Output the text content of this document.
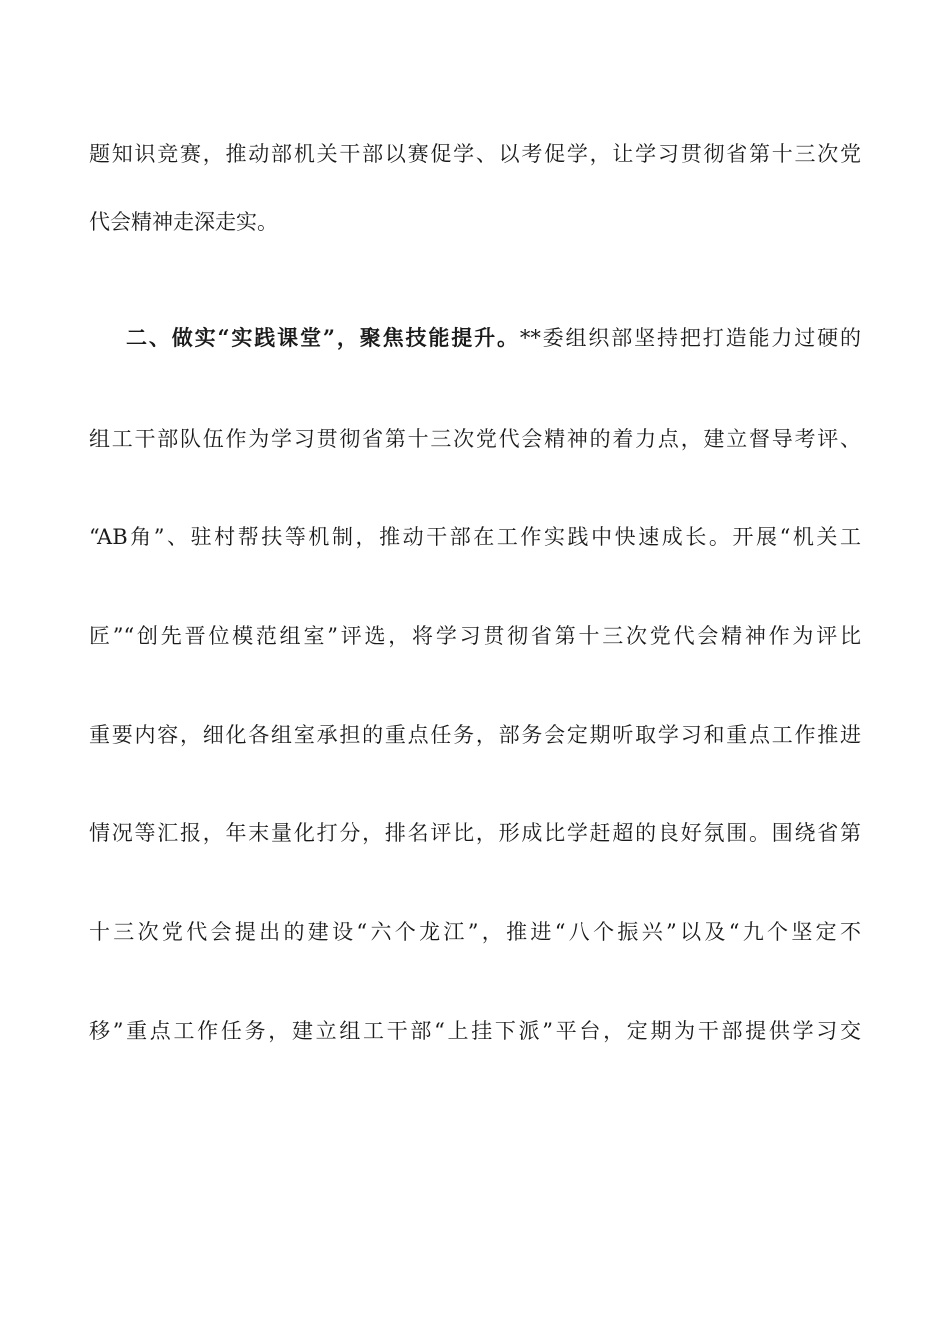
题知识竞赛，推动部机关干部以赛促学、以考促学，让学习贯彻省第十三次党
代会精神走深走实。
二、做实“实践课堂”，聚焦技能提升。**委组织部坚持把打造能力过硬的
组工干部队伍作为学习贯彻省第十三次党代会精神的着力点，建立督导考评、
“AB角”、驻村帮扶等机制，推动干部在工作实践中快速成长。开展“机关工
匠”“创先晋位模范组室”评选，将学习贯彻省第十三次党代会精神作为评比
重要内容，细化各组室承担的重点任务，部务会定期听取学习和重点工作推进
情况等汇报，年末量化打分，排名评比，形成比学赶超的良好氛围。围绕省第
十三次党代会提出的建设“六个龙江”，推进“八个振兴”以及“九个坚定不
移”重点工作任务，建立组工干部“上挂下派”平台，定期为干部提供学习交
